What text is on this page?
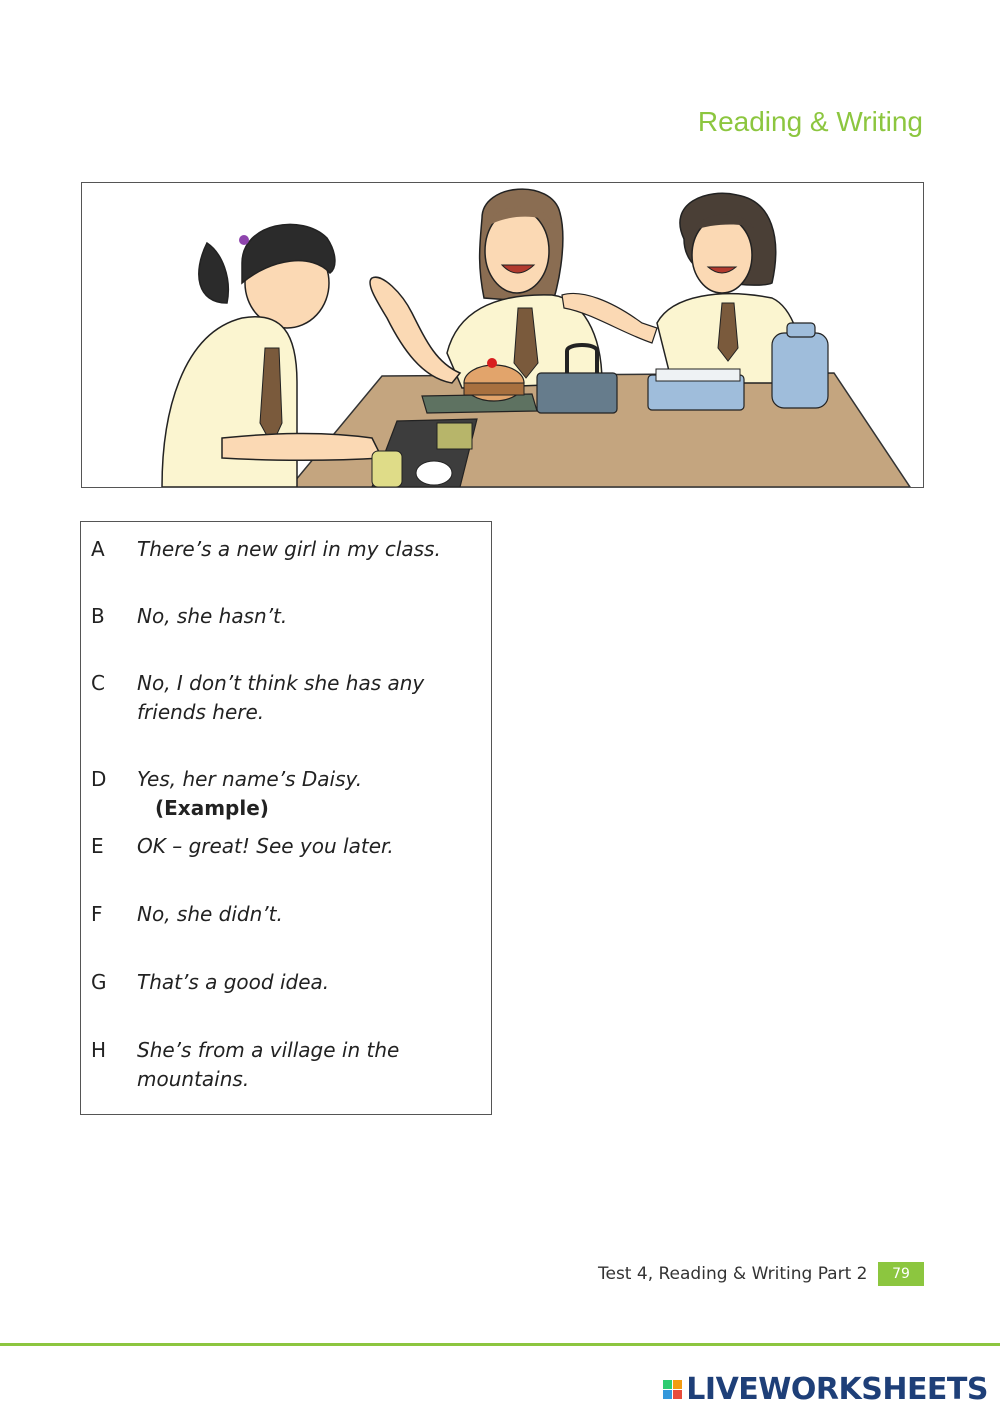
Reading & Writing
A There’s a new girl in my class.
B No, she hasn’t.
C No, I don’t think she has any friends here.
D Yes, her name’s Daisy.(Example)
E OK – great! See you later.
F No, she didn’t.
G That’s a good idea.
H She’s from a village in the mountains.
Test 4, Reading & Writing Part 2	79
LIVEWORKSHEETS
